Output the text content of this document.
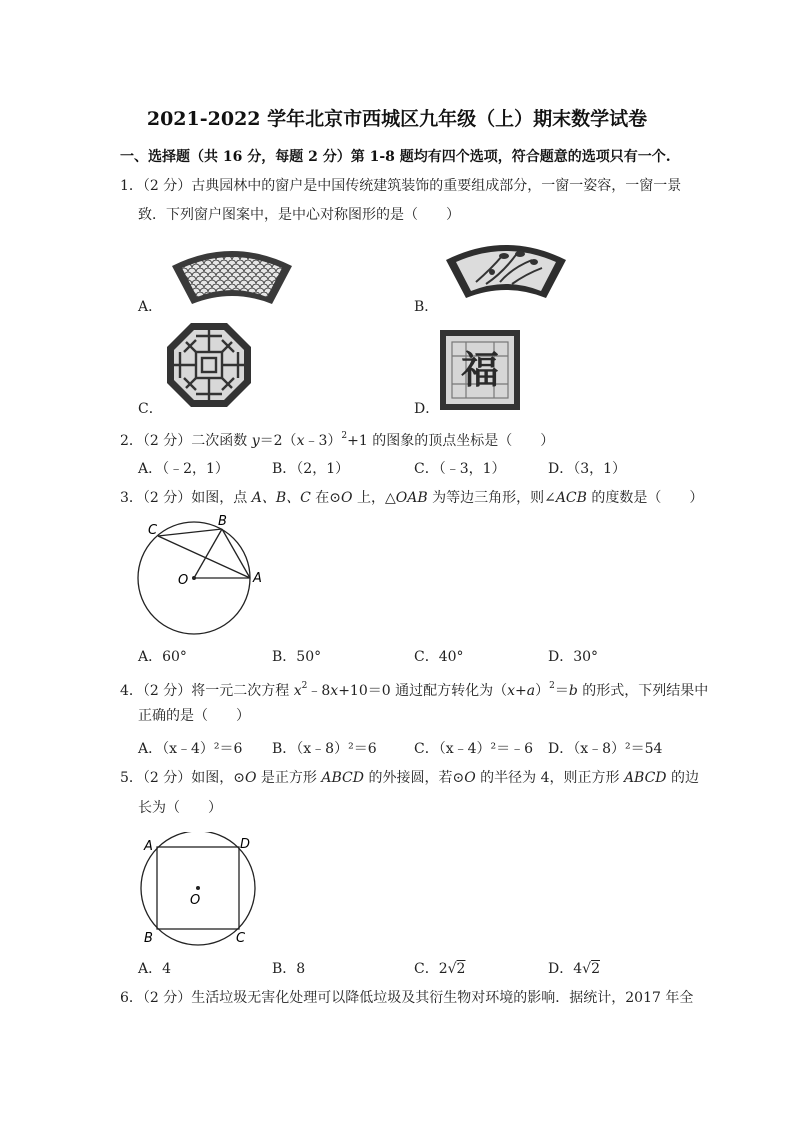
2021-2022 学年北京市西城区九年级（上）期末数学试卷
一、选择题（共 16 分，每题 2 分）第 1-8 题均有四个选项，符合题意的选项只有一个.
1．（2 分）古典园林中的窗户是中国传统建筑装饰的重要组成部分，一窗一姿容，一窗一景
致．下列窗户图案中，是中心对称图形的是（　　）
A．	B．
C．	D．
福
2．（2 分）二次函数 y＝2（x﹣3）$^2$+1 的图象的顶点坐标是（　　）
A．（﹣2，1）	B．（2，1）	C．（﹣3，1）	D．（3，1）
3．（2 分）如图，点 A、B、C 在⊙O 上，△OAB 为等边三角形，则∠ACB 的度数是（　　）
C
B
O	A
A．60°	B．50°	C．40°	D．30°
4．（2 分）将一元二次方程 $x^2﹣8x+10=0$ 通过配方转化为$(x+a)^2=b$ 的形式，下列结果中
正确的是（　　）
A．（x﹣4）²＝6 B．（x﹣8）²＝6	C．（x﹣4）²＝﹣6 D．（x﹣8）²＝54
5．（2 分）如图，⊙O 是正方形 ABCD 的外接圆，若⊙O 的半径为 4，则正方形 ABCD 的边
长为（　　）
A	D
O
B	C
A．4	B．8	C．2√2	D．4√2
6．（2 分）生活垃圾无害化处理可以降低垃圾及其衍生物对环境的影响．据统计，2017 年全
